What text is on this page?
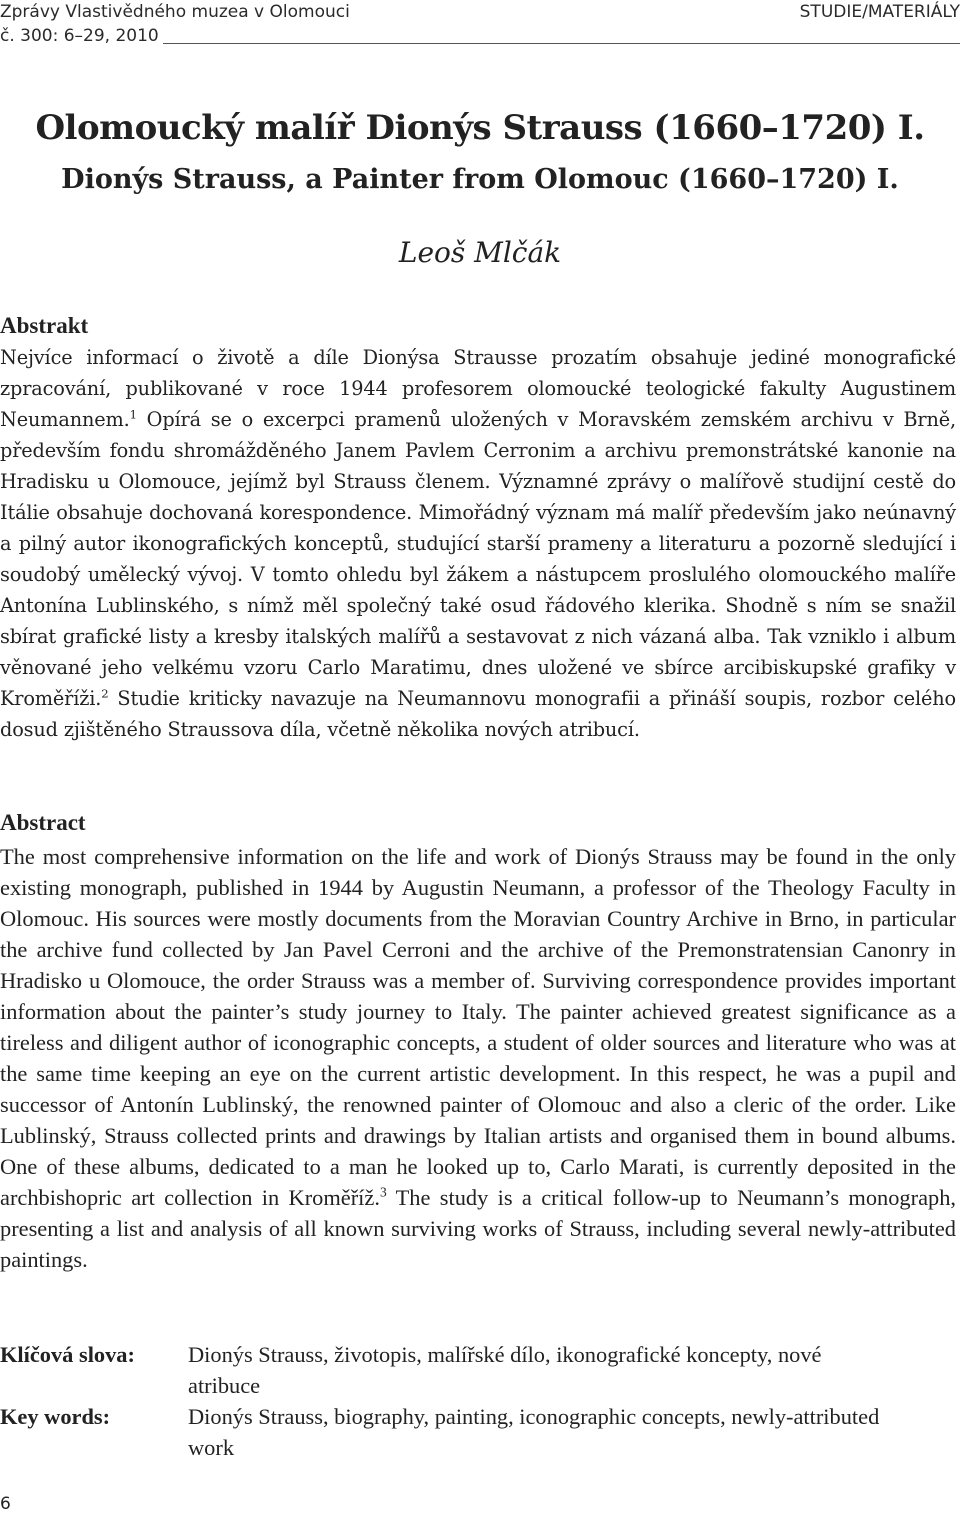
Zprávy Vlastivědného muzea v Olomouci	STUDIE/MATERIÁLY
č. 300: 6–29, 2010
Olomoucký malíř Dionýs Strauss (1660–1720) I.
Dionýs Strauss, a Painter from Olomouc (1660–1720) I.
Leoš Mlčák
Abstrakt
Nejvíce informací o životě a díle Dionýsa Strausse prozatím obsahuje jediné monografické zpracování, publikované v roce 1944 profesorem olomoucké teologické fakulty Augustinem Neumannem.$^1$ Opírá se o excerpci pramenů uložených v Moravském zemském archivu v Brně, především fondu shromážděného Janem Pavlem Cerronim a archivu premonstrátské kanonie na Hradisku u Olomouce, jejímž byl Strauss členem. Významné zprávy o malířově studijní cestě do Itálie obsahuje dochovaná korespondence. Mimořádný význam má malíř především jako neúnavný a pilný autor ikonografických konceptů, studující starší prameny a literaturu a pozorně sledující i soudobý umělecký vývoj. V tomto ohledu byl žákem a nástupcem proslulého olomouckého malíře Antonína Lublinského, s nímž měl společný také osud řádového klerika. Shodně s ním se snažil sbírat grafické listy a kresby italských malířů a sestavovat z nich vázaná alba. Tak vzniklo i album věnované jeho velkému vzoru Carlo Maratimu, dnes uložené ve sbírce arcibiskupské grafiky v Kroměříži.$^2$ Studie kriticky navazuje na Neumannovu monografii a přináší soupis, rozbor celého dosud zjištěného Straussova díla, včetně několika nových atribucí.
Abstract
The most comprehensive information on the life and work of Dionýs Strauss may be found in the only existing monograph, published in 1944 by Augustin Neumann, a professor of the Theology Faculty in Olomouc. His sources were mostly documents from the Moravian Country Archive in Brno, in particular the archive fund collected by Jan Pavel Cerroni and the archive of the Premonstratensian Canonry in Hradisko u Olomouce, the order Strauss was a member of. Surviving correspondence provides important information about the painter’s study journey to Italy. The painter achieved greatest significance as a tireless and diligent author of iconographic concepts, a student of older sources and literature who was at the same time keeping an eye on the current artistic development. In this respect, he was a pupil and successor of Antonín Lublinský, the renowned painter of Olomouc and also a cleric of the order. Like Lublinský, Strauss collected prints and drawings by Italian artists and organised them in bound albums. One of these albums, dedicated to a man he looked up to, Carlo Marati, is currently deposited in the archbishopric art collection in Kroměříž.$^3$ The study is a critical follow-up to Neumann’s monograph, presenting a list and analysis of all known surviving works of Strauss, including several newly-attributed paintings.
Klíčová slova: Dionýs Strauss, životopis, malířské dílo, ikonografické koncepty, nové atribuce
Key words:	Dionýs Strauss, biography, painting, iconographic concepts, newly-attributed work
6
